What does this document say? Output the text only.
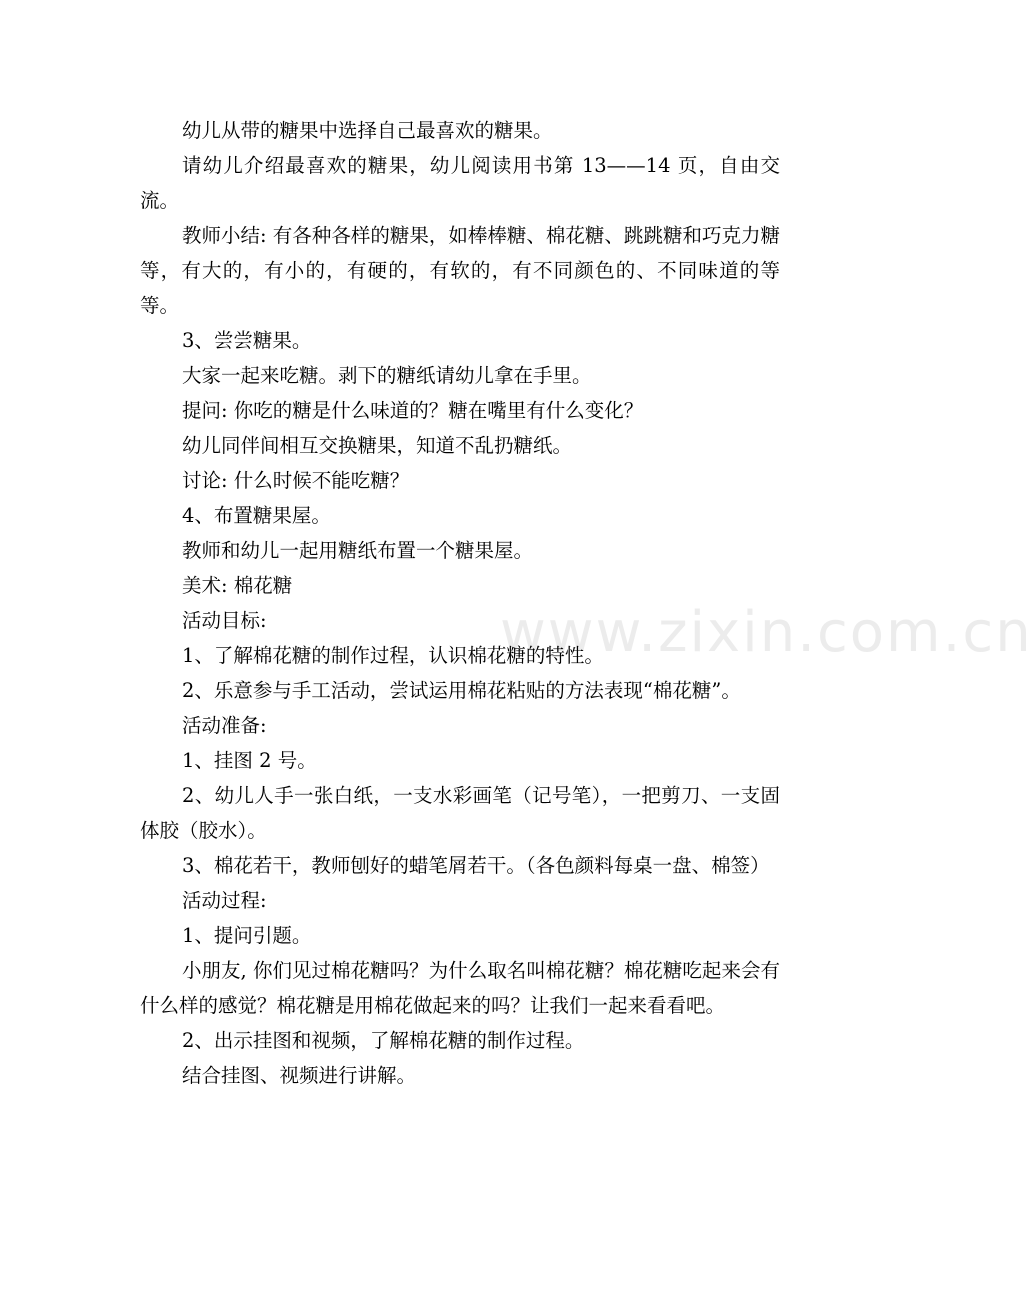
www.zixin.com.cn

幼儿从带的糖果中选择自己最喜欢的糖果。

请幼儿介绍最喜欢的糖果，幼儿阅读用书第 13——14 页，自由交流。

教师小结: 有各种各样的糖果，如棒棒糖、棉花糖、跳跳糖和巧克力糖等，有大的，有小的，有硬的，有软的，有不同颜色的、不同味道的等等。

3、尝尝糖果。

大家一起来吃糖。剥下的糖纸请幼儿拿在手里。

提问: 你吃的糖是什么味道的？糖在嘴里有什么变化？

幼儿同伴间相互交换糖果，知道不乱扔糖纸。

讨论: 什么时候不能吃糖？

4、布置糖果屋。

教师和幼儿一起用糖纸布置一个糖果屋。

美术: 棉花糖

活动目标:

1、了解棉花糖的制作过程，认识棉花糖的特性。

2、乐意参与手工活动，尝试运用棉花粘贴的方法表现“棉花糖”。

活动准备:

1、挂图 2 号。

2、幼儿人手一张白纸，一支水彩画笔（记号笔），一把剪刀、一支固体胶（胶水）。

3、棉花若干，教师刨好的蜡笔屑若干。（各色颜料每桌一盘、棉签）

活动过程:

1、提问引题。

小朋友, 你们见过棉花糖吗？为什么取名叫棉花糖？棉花糖吃起来会有什么样的感觉？棉花糖是用棉花做起来的吗？让我们一起来看看吧。

2、出示挂图和视频，了解棉花糖的制作过程。

结合挂图、视频进行讲解。
